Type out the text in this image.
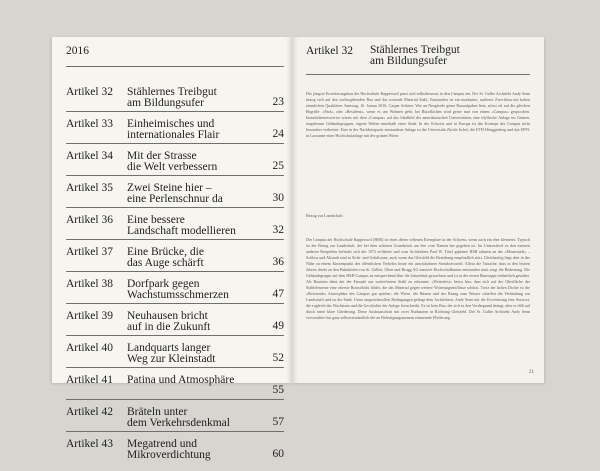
2016
Artikel 32 Stählernes Treibgut
am Bildungsufer	23
Artikel 33 Einheimisches und
internationales Flair	24
Artikel 34 Mit der Strasse
die Welt verbessern	25
Artikel 35 Zwei Steine hier –
eine Perlenschnur da	30
Artikel 36 Eine bessere
Landschaft modellieren	32
Artikel 37 Eine Brücke, die
das Auge schärft	36
Artikel 38 Dorfpark gegen
Wachstumsschmerzen	47
Artikel 39 Neuhausen bricht
auf in die Zukunft	49
Artikel 40 Landquarts langer
Weg zur Kleinstadt	52
Artikel 41 Patina und Atmosphäre
55
Artikel 42 Bräteln unter
dem Verkehrsdenkmal	57
Artikel 43 Megatrend und
Mikroverdichtung	60
Artikel 32 Stählernes Treibgut
am Bildungsufer

Der jüngste Erweiterungsbau der Hochschule Rapperswil passt sich selbstbewusst in den Campus ein. Der St. Galler Architekt Andy Senn bezog sich auf den vorhergehenden Bau und das rostende Material Stahl. Entstanden ist ein markanter, sauberer Zweckbau mit hohen räumlichen Qualitäten. Samstag, 16. Januar 2016, Caspar Schärer. Wer an Neugierde gerne Bauaufgaben liest, stösst oft auf die gleichen Begriffe: «Park» oder «Residenz», wenn es um Wohnen geht; bei Büroflächen wird gerne mal von einem «Campus» gesprochen. Immobilienverwerter setzen mit dem «Campus» auf das Idealbild der amerikanischen Universitäten, eine idyllische Anlage im Grünen, ringsherum Gebäudegruppen, eigene Welten innerhalb einer Stadt. In der Schweiz und in Europa ist das Konzept des Campus nicht besonders verbreitet. Eine in der Nachkriegszeit entstandene Anlage ist die Universität Zürich Irchel, die ETH Hönggerberg und das EPFL in Lausanne einer Hochschulanlage mit der grünen Wiese.

Bezug zur Landschaft

Der Campus der Hochschule Rapperswil (HSR) ist eines dieser seltenen Exemplare in der Schweiz, wenn auch ein eher kleineres. Typisch ist der Bezug zur Landschaft, der bei dem schönen Grundstück am See vom Namen her gegeben ist. Im Unterschied zu den meisten anderen Beispielen befindet sich der 1972 eröffnete und vom Architekten Paul W. Tittel geplante HSR rahmen an der «Mauerstadt» – Schloss und Altstadt sind in Sicht- und Gehdistanz, auch wenn das Gleisfeld die Beziehung empfindlich stört. Gleichzeitig liegt aber in der Nähe zu einem Knotenpunkt des öffentlichen Verkehrs heute ein unschätzbarer Standortvorteil. Allein die Tatsache, dass in den letzten Jahren direkt an den Bahnhöfen von St. Gallen, Olten und Brugg AG massive Hochschulbauten entstanden sind, zeigt die Bedeutung. Die Gebäudegruppe auf dem HSR-Campus ist entsprechend über die Jahrzehnte gewachsen und ist in der ersten Bauetappe einheitlich gestaltet. Als Baustein dient der der Fassade aus wetterfestem Stahl zu erkennen. «Wetterfest» heisst hier, dass sich auf der Oberfläche der Stahlelemente eine oberste Rostschicht bildet, die das Material gegen weitere Witterungseinflüsse schützt. Trotz der hohen Dichte ist die «Reissende» Atmosphäre des Campus gut spürbar; die Wiese, die Bäume und der Bezug zum Wasser schaffen die Verbindung zur Landschaft und zu der Stadt. Unter anspruchsvollen Bedingungen gelingt dem Architekten, Andy Senn mit der Erweiterung eine Antwort, die zugleich das Wachstum und die Geschichte der Anlage fortschreibt. Es ist kein Bau, der sich in den Vordergrund drängt, aber er fällt auf durch seine klare Gliederung. Diese Ausbausschritt mit zwei Nudnauten in Richtung Gleisfeld. Der St. Galler Architekt Andy Senn verwendete fast ganz selbstverständlich die an Befestigungsmauern erinnernde Pfeilerung.

21
